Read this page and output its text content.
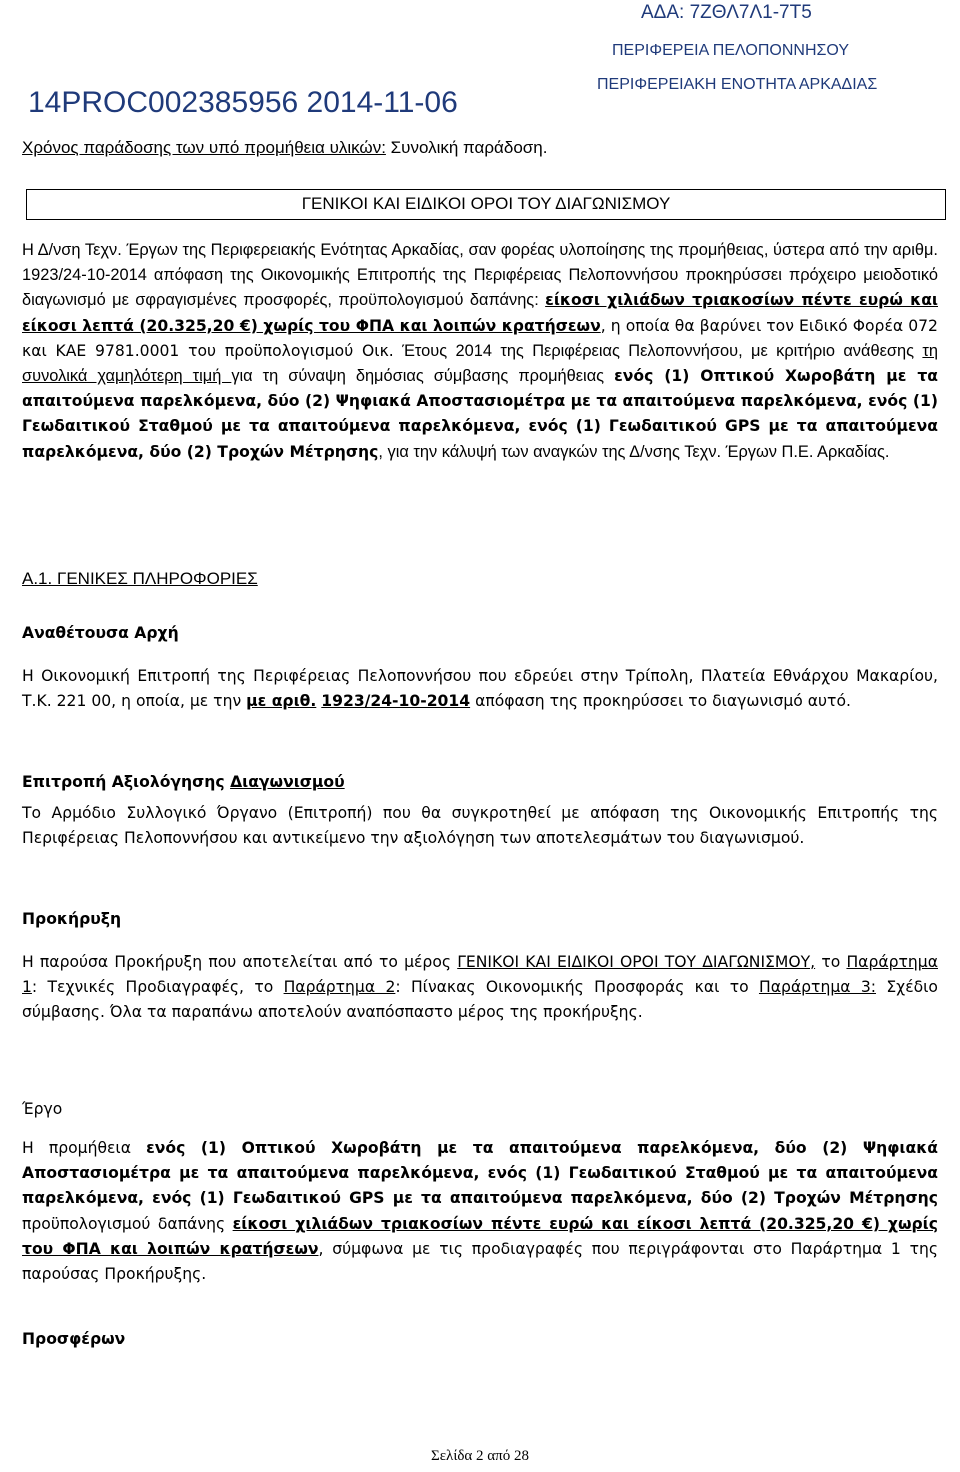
ΑΔΑ: 7ΖΘΛ7Λ1-7Τ5
ΠΕΡΙΦΕΡΕΙΑ ΠΕΛΟΠΟΝΝΗΣΟΥ
ΠΕΡΙΦΕΡΕΙΑΚΗ ΕΝΟΤΗΤΑ ΑΡΚΑΔΙΑΣ
14PROC002385956 2014-11-06
Χρόνος παράδοσης των υπό προμήθεια υλικών: Συνολική παράδοση.
ΓΕΝΙΚΟΙ ΚΑΙ ΕΙΔΙΚΟΙ ΟΡΟΙ ΤΟΥ ΔΙΑΓΩΝΙΣΜΟΥ
Η Δ/νση Τεχν. Έργων της Περιφερειακής Ενότητας Αρκαδίας, σαν φορέας υλοποίησης της προμήθειας, ύστερα από την αριθμ. 1923/24-10-2014 απόφαση της Οικονομικής Επιτροπής της Περιφέρειας Πελοποννήσου προκηρύσσει πρόχειρο μειοδοτικό διαγωνισμό με σφραγισμένες προσφορές, προϋπολογισμού δαπάνης: είκοσι χιλιάδων τριακοσίων πέντε ευρώ και είκοσι λεπτά (20.325,20 €) χωρίς του ΦΠΑ και λοιπών κρατήσεων, η οποία θα βαρύνει τον Ειδικό Φορέα 072 και ΚΑΕ 9781.0001 του προϋπολογισμού Οικ. Έτους 2014 της Περιφέρειας Πελοποννήσου, με κριτήριο ανάθεσης τη συνολικά χαμηλότερη τιμή για τη σύναψη δημόσιας σύμβασης προμήθειας ενός (1) Οπτικού Χωροβάτη με τα απαιτούμενα παρελκόμενα, δύο (2) Ψηφιακά Αποστασιομέτρα με τα απαιτούμενα παρελκόμενα, ενός (1) Γεωδαιτικού Σταθμού με τα απαιτούμενα παρελκόμενα, ενός (1) Γεωδαιτικού GPS με τα απαιτούμενα παρελκόμενα, δύο (2) Τροχών Μέτρησης, για την κάλυψή των αναγκών της Δ/νσης Τεχν. Έργων Π.Ε. Αρκαδίας.
Α.1. ΓΕΝΙΚΕΣ ΠΛΗΡΟΦΟΡΙΕΣ
Αναθέτουσα Αρχή
Η Οικονομική Επιτροπή της Περιφέρειας Πελοποννήσου που εδρεύει στην Τρίπολη, Πλατεία Εθνάρχου Μακαρίου, Τ.Κ. 221 00, η οποία, με την με αριθ. 1923/24-10-2014 απόφαση της προκηρύσσει το διαγωνισμό αυτό.
Επιτροπή Αξιολόγησης Διαγωνισμού
Το Αρμόδιο Συλλογικό Όργανο (Επιτροπή) που θα συγκροτηθεί με απόφαση της Οικονομικής Επιτροπής της Περιφέρειας Πελοποννήσου και αντικείμενο την αξιολόγηση των αποτελεσμάτων του διαγωνισμού.
Προκήρυξη
Η παρούσα Προκήρυξη που αποτελείται από το μέρος ΓΕΝΙΚΟΙ ΚΑΙ ΕΙΔΙΚΟΙ ΟΡΟΙ ΤΟΥ ΔΙΑΓΩΝΙΣΜΟΥ, το Παράρτημα 1: Τεχνικές Προδιαγραφές, το Παράρτημα 2: Πίνακας Οικονομικής Προσφοράς και το Παράρτημα 3: Σχέδιο σύμβασης. Όλα τα παραπάνω αποτελούν αναπόσπαστο μέρος της προκήρυξης.
Έργο
Η προμήθεια ενός (1) Οπτικού Χωροβάτη με τα απαιτούμενα παρελκόμενα, δύο (2) Ψηφιακά Αποστασιομέτρα με τα απαιτούμενα παρελκόμενα, ενός (1) Γεωδαιτικού Σταθμού με τα απαιτούμενα παρελκόμενα, ενός (1) Γεωδαιτικού GPS με τα απαιτούμενα παρελκόμενα, δύο (2) Τροχών Μέτρησης προϋπολογισμού δαπάνης είκοσι χιλιάδων τριακοσίων πέντε ευρώ και είκοσι λεπτά (20.325,20 €) χωρίς του ΦΠΑ και λοιπών κρατήσεων, σύμφωνα με τις προδιαγραφές που περιγράφονται στο Παράρτημα 1 της παρούσας Προκήρυξης.
Προσφέρων
Σελίδα 2 από 28
